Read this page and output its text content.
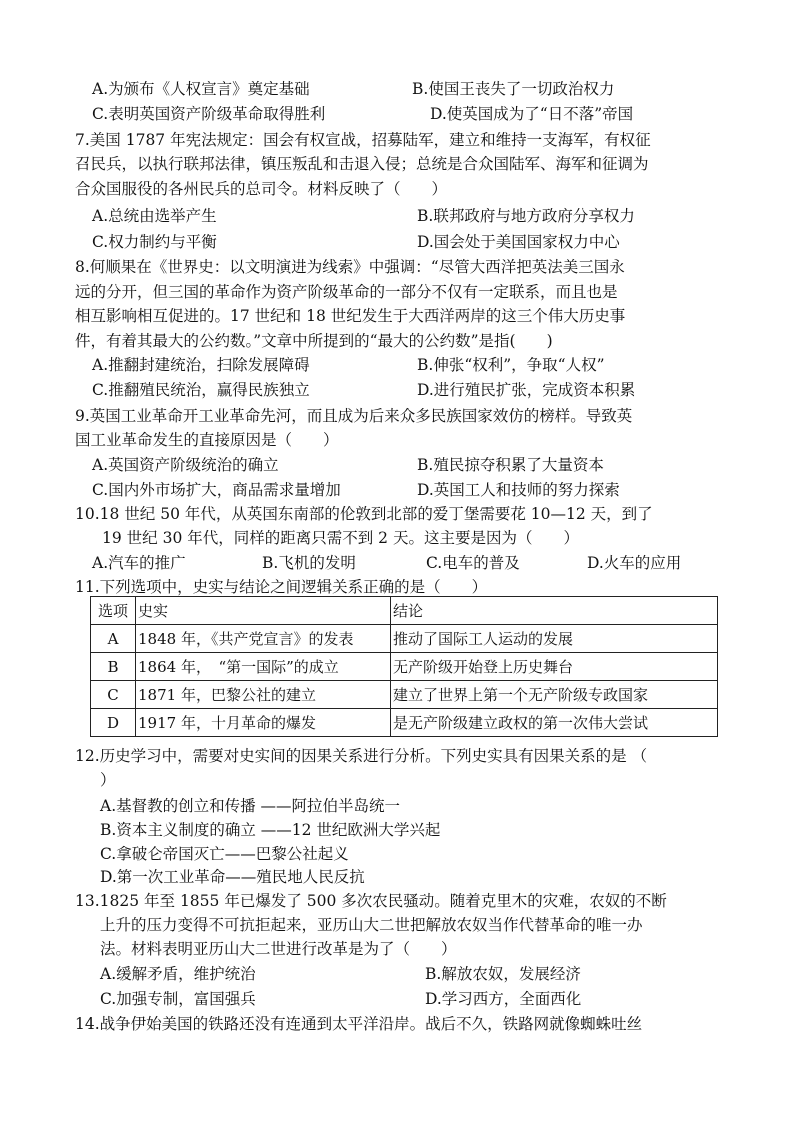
A.为颁布《人权宣言》奠定基础	B.使国王丧失了一切政治权力
C.表明英国资产阶级革命取得胜利	D.使英国成为了“日不落”帝国
7.美国 1787 年宪法规定：国会有权宣战，招募陆军，建立和维持一支海军，有权征
召民兵，以执行联邦法律，镇压叛乱和击退入侵；总统是合众国陆军、海军和征调为
合众国服役的各州民兵的总司令。材料反映了（　　）
A.总统由选举产生	B.联邦政府与地方政府分享权力
C.权力制约与平衡	D.国会处于美国国家权力中心
8.何顺果在《世界史：以文明演进为线索》中强调：“尽管大西洋把英法美三国永
远的分开，但三国的革命作为资产阶级革命的一部分不仅有一定联系，而且也是
相互影响相互促进的。17 世纪和 18 世纪发生于大西洋两岸的这三个伟大历史事
件，有着其最大的公约数。”文章中所提到的“最大的公约数”是指(　　)
A.推翻封建统治，扫除发展障碍	B.伸张“权利”，争取“人权”
C.推翻殖民统治，赢得民族独立	D.进行殖民扩张，完成资本积累
9.英国工业革命开工业革命先河，而且成为后来众多民族国家效仿的榜样。导致英
国工业革命发生的直接原因是（　　）
A.英国资产阶级统治的确立	B.殖民掠夺积累了大量资本
C.国内外市场扩大，商品需求量增加	D.英国工人和技师的努力探索
10.18 世纪 50 年代，从英国东南部的伦敦到北部的爱丁堡需要花 10—12 天，到了
19 世纪 30 年代，同样的距离只需不到 2 天。这主要是因为（　　）
A.汽车的推广	B.飞机的发明	C.电车的普及	D.火车的应用
11.下列选项中，史实与结论之间逻辑关系正确的是（　　）
选项	史实	结论
A	1848 年，《共产党宣言》的发表	推动了国际工人运动的发展
B	1864 年，　“第一国际”的成立	无产阶级开始登上历史舞台
C	1871 年，巴黎公社的建立	建立了世界上第一个无产阶级专政国家
D	1917 年，十月革命的爆发	是无产阶级建立政权的第一次伟大尝试
12.历史学习中，需要对史实间的因果关系进行分析。下列史实具有因果关系的是 （
）
A.基督教的创立和传播 ——阿拉伯半岛统一
B.资本主义制度的确立 ——12 世纪欧洲大学兴起
C.拿破仑帝国灭亡——巴黎公社起义
D.第一次工业革命——殖民地人民反抗
13.1825 年至 1855 年已爆发了 500 多次农民骚动。随着克里木的灾难，农奴的不断
上升的压力变得不可抗拒起来，亚历山大二世把解放农奴当作代替革命的唯一办
法。材料表明亚历山大二世进行改革是为了（　　）
A.缓解矛盾，维护统治	B.解放农奴，发展经济
C.加强专制，富国强兵	D.学习西方，全面西化
14.战争伊始美国的铁路还没有连通到太平洋沿岸。战后不久，铁路网就像蜘蛛吐丝
